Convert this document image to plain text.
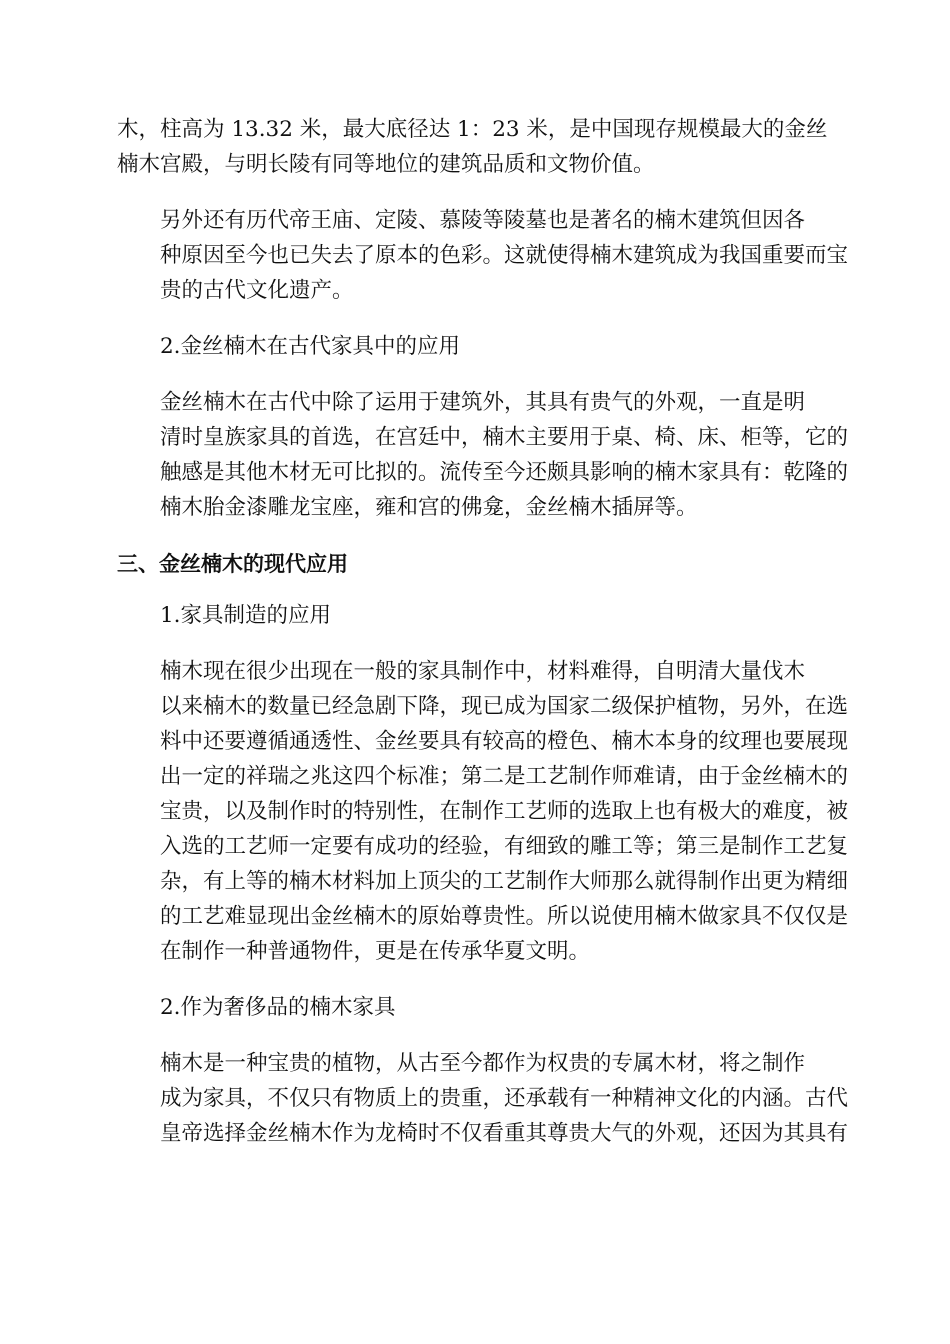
木，柱高为 13.32 米，最大底径达 1：23 米，是中国现存规模最大的金丝
楠木宫殿，与明长陵有同等地位的建筑品质和文物价值。
另外还有历代帝王庙、定陵、慕陵等陵墓也是著名的楠木建筑但因各
种原因至今也已失去了原本的色彩。这就使得楠木建筑成为我国重要而宝
贵的古代文化遗产。
2.金丝楠木在古代家具中的应用
金丝楠木在古代中除了运用于建筑外，其具有贵气的外观，一直是明
清时皇族家具的首选，在宫廷中，楠木主要用于桌、椅、床、柜等，它的
触感是其他木材无可比拟的。流传至今还颇具影响的楠木家具有：乾隆的
楠木胎金漆雕龙宝座，雍和宫的佛龛，金丝楠木插屏等。
三、金丝楠木的现代应用
1.家具制造的应用
楠木现在很少出现在一般的家具制作中，材料难得，自明清大量伐木
以来楠木的数量已经急剧下降，现已成为国家二级保护植物，另外，在选
料中还要遵循通透性、金丝要具有较高的橙色、楠木本身的纹理也要展现
出一定的祥瑞之兆这四个标准；第二是工艺制作师难请，由于金丝楠木的
宝贵，以及制作时的特别性，在制作工艺师的选取上也有极大的难度，被
入选的工艺师一定要有成功的经验，有细致的雕工等；第三是制作工艺复
杂，有上等的楠木材料加上顶尖的工艺制作大师那么就得制作出更为精细
的工艺难显现出金丝楠木的原始尊贵性。所以说使用楠木做家具不仅仅是
在制作一种普通物件，更是在传承华夏文明。
2.作为奢侈品的楠木家具
楠木是一种宝贵的植物，从古至今都作为权贵的专属木材，将之制作
成为家具，不仅只有物质上的贵重，还承载有一种精神文化的内涵。古代
皇帝选择金丝楠木作为龙椅时不仅看重其尊贵大气的外观，还因为其具有
